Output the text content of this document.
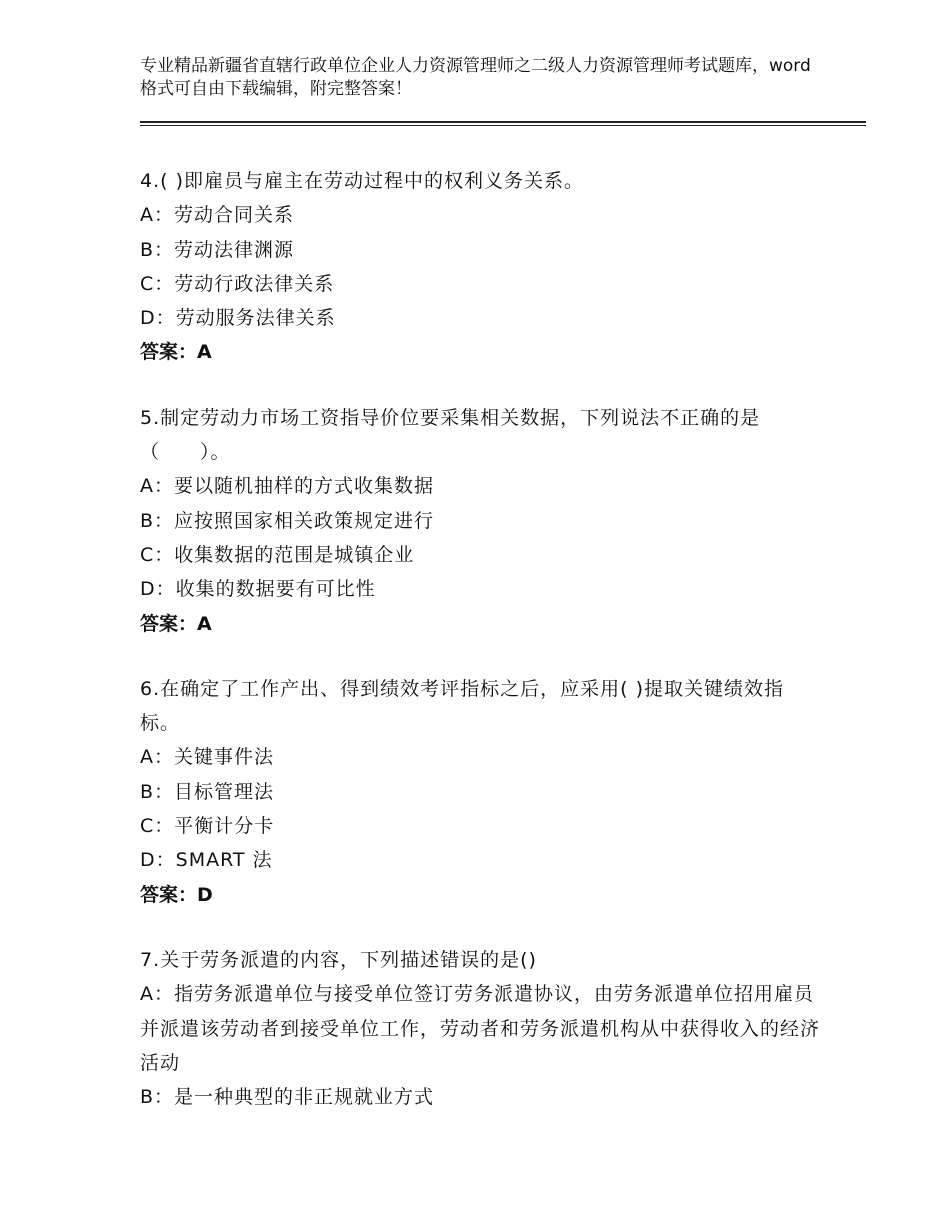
专业精品新疆省直辖行政单位企业人力资源管理师之二级人力资源管理师考试题库，word格式可自由下载编辑，附完整答案！
4.( )即雇员与雇主在劳动过程中的权利义务关系。
A：劳动合同关系
B：劳动法律渊源
C：劳动行政法律关系
D：劳动服务法律关系
答案：A
5.制定劳动力市场工资指导价位要采集相关数据，下列说法不正确的是（　　）。
A：要以随机抽样的方式收集数据
B：应按照国家相关政策规定进行
C：收集数据的范围是城镇企业
D：收集的数据要有可比性
答案：A
6.在确定了工作产出、得到绩效考评指标之后，应采用( )提取关键绩效指标。
A：关键事件法
B：目标管理法
C：平衡计分卡
D：SMART 法
答案：D
7.关于劳务派遣的内容，下列描述错误的是()
A：指劳务派遣单位与接受单位签订劳务派遣协议，由劳务派遣单位招用雇员并派遣该劳动者到接受单位工作，劳动者和劳务派遣机构从中获得收入的经济活动
B：是一种典型的非正规就业方式
